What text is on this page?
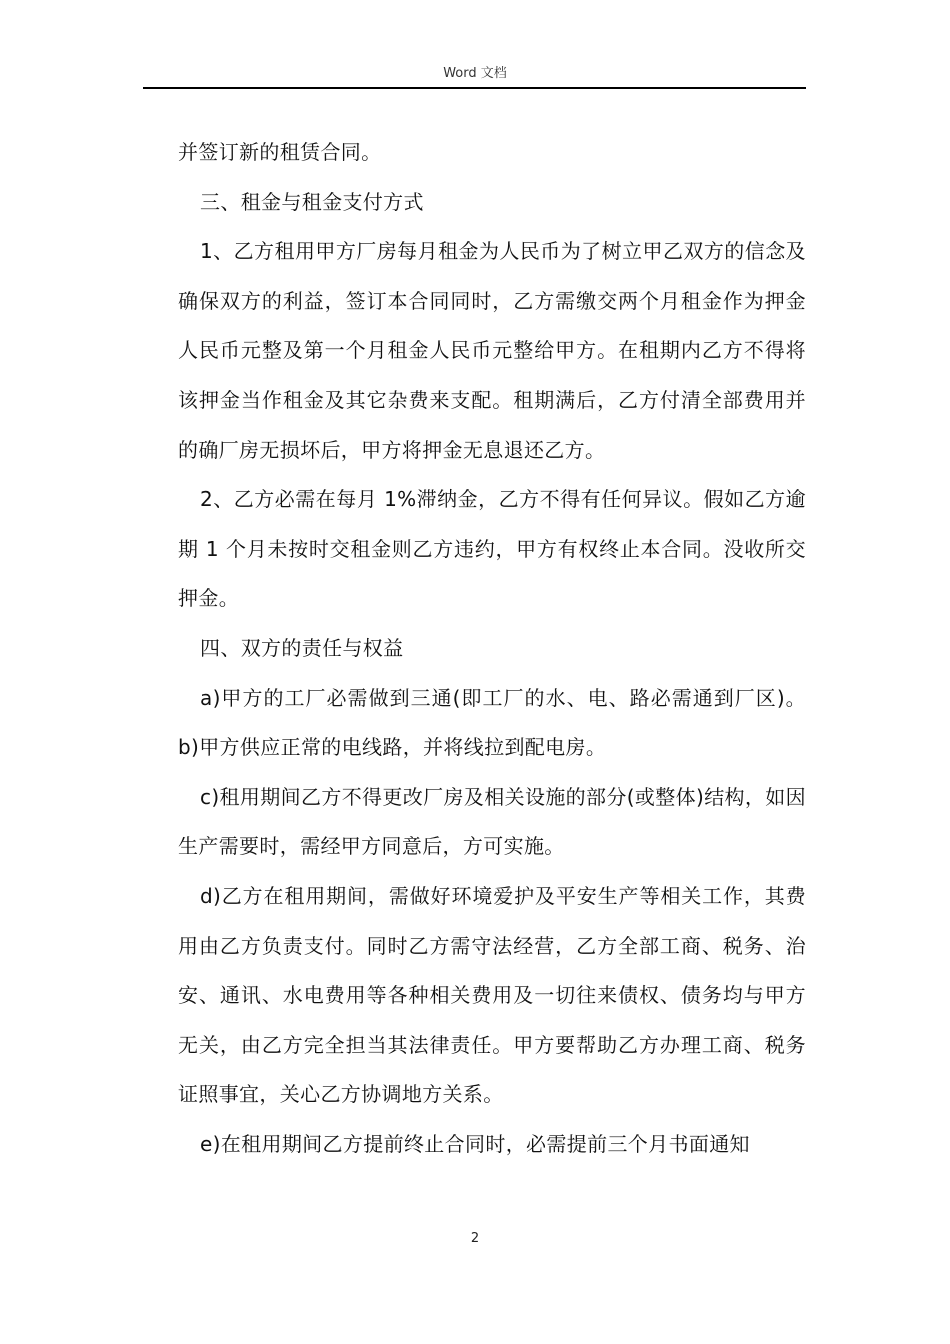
Word 文档

并签订新的租赁合同。

三、租金与租金支付方式

1、乙方租用甲方厂房每月租金为人民币为了树立甲乙双方的信念及确保双方的利益，签订本合同同时，乙方需缴交两个月租金作为押金人民币元整及第一个月租金人民币元整给甲方。在租期内乙方不得将该押金当作租金及其它杂费来支配。租期满后，乙方付清全部费用并的确厂房无损坏后，甲方将押金无息退还乙方。

2、乙方必需在每月 1%滞纳金，乙方不得有任何异议。假如乙方逾期 1 个月未按时交租金则乙方违约，甲方有权终止本合同。没收所交押金。

四、双方的责任与权益

a)甲方的工厂必需做到三通(即工厂的水、电、路必需通到厂区)。b)甲方供应正常的电线路，并将线拉到配电房。

c)租用期间乙方不得更改厂房及相关设施的部分(或整体)结构，如因生产需要时，需经甲方同意后，方可实施。

d)乙方在租用期间，需做好环境爱护及平安生产等相关工作，其费用由乙方负责支付。同时乙方需守法经营，乙方全部工商、税务、治安、通讯、水电费用等各种相关费用及一切往来债权、债务均与甲方无关，由乙方完全担当其法律责任。甲方要帮助乙方办理工商、税务证照事宜，关心乙方协调地方关系。

e)在租用期间乙方提前终止合同时，必需提前三个月书面通知

2
